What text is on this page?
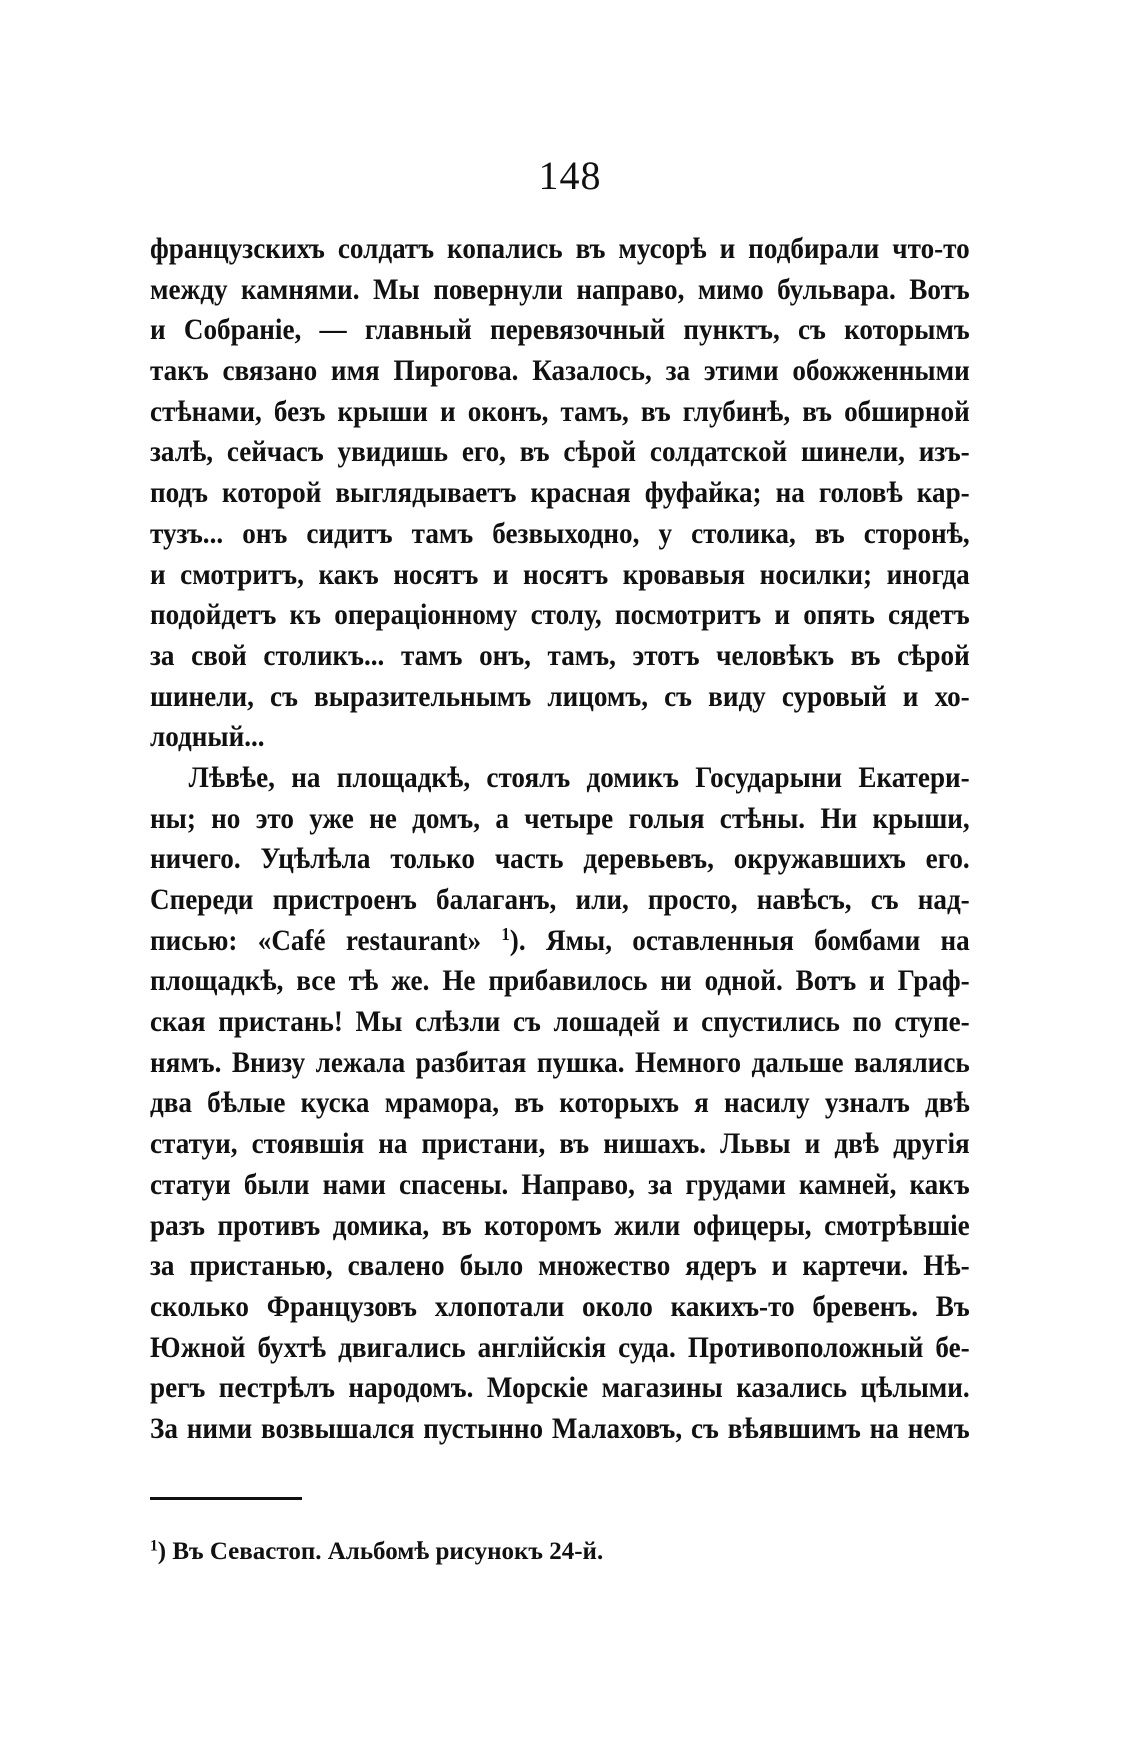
148
французскихъ солдатъ копались въ мусорѣ и подбирали что-то
между камнями. Мы повернули направо, мимо бульвара. Вотъ
и Собраніе, — главный перевязочный пунктъ, съ которымъ
такъ связано имя Пирогова. Казалось, за этими обожженными
стѣнами, безъ крыши и оконъ, тамъ, въ глубинѣ, въ обширной
залѣ, сейчасъ увидишь его, въ сѣрой солдатской шинели, изъ-
подъ которой выглядываетъ красная фуфайка; на головѣ кар-
тузъ... онъ сидитъ тамъ безвыходно, у столика, въ сторонѣ,
и смотритъ, какъ носятъ и носятъ кровавыя носилки; иногда
подойдетъ къ операціонному столу, посмотритъ и опять сядетъ
за свой столикъ... тамъ онъ, тамъ, этотъ человѣкъ въ сѣрой
шинели, съ выразительнымъ лицомъ, съ виду суровый и хо-
лодный...
Лѣвѣе, на площадкѣ, стоялъ домикъ Государыни Екатери-
ны; но это уже не домъ, а четыре голыя стѣны. Ни крыши,
ничего. Уцѣлѣла только часть деревьевъ, окружавшихъ его.
Спереди пристроенъ балаганъ, или, просто, навѣсъ, съ над-
писью: «Café restaurant» $^1$). Ямы, оставленныя бомбами на
площадкѣ, все тѣ же. Не прибавилось ни одной. Вотъ и Граф-
ская пристань! Мы слѣзли съ лошадей и спустились по ступе-
нямъ. Внизу лежала разбитая пушка. Немного дальше валялись
два бѣлые куска мрамора, въ которыхъ я насилу узналъ двѣ
статуи, стоявшія на пристани, въ нишахъ. Львы и двѣ другія
статуи были нами спасены. Направо, за грудами камней, какъ
разъ противъ домика, въ которомъ жили офицеры, смотрѣвшіе
за пристанью, свалено было множество ядеръ и картечи. Нѣ-
сколько Французовъ хлопотали около какихъ-то бревенъ. Въ
Южной бухтѣ двигались англійскія суда. Противоположный бе-
регъ пестрѣлъ народомъ. Морскіе магазины казались цѣлыми.
За ними возвышался пустынно Малаховъ, съ вѣявшимъ на немъ
$^1$) Въ Севастоп. Альбомѣ рисунокъ 24-й.
